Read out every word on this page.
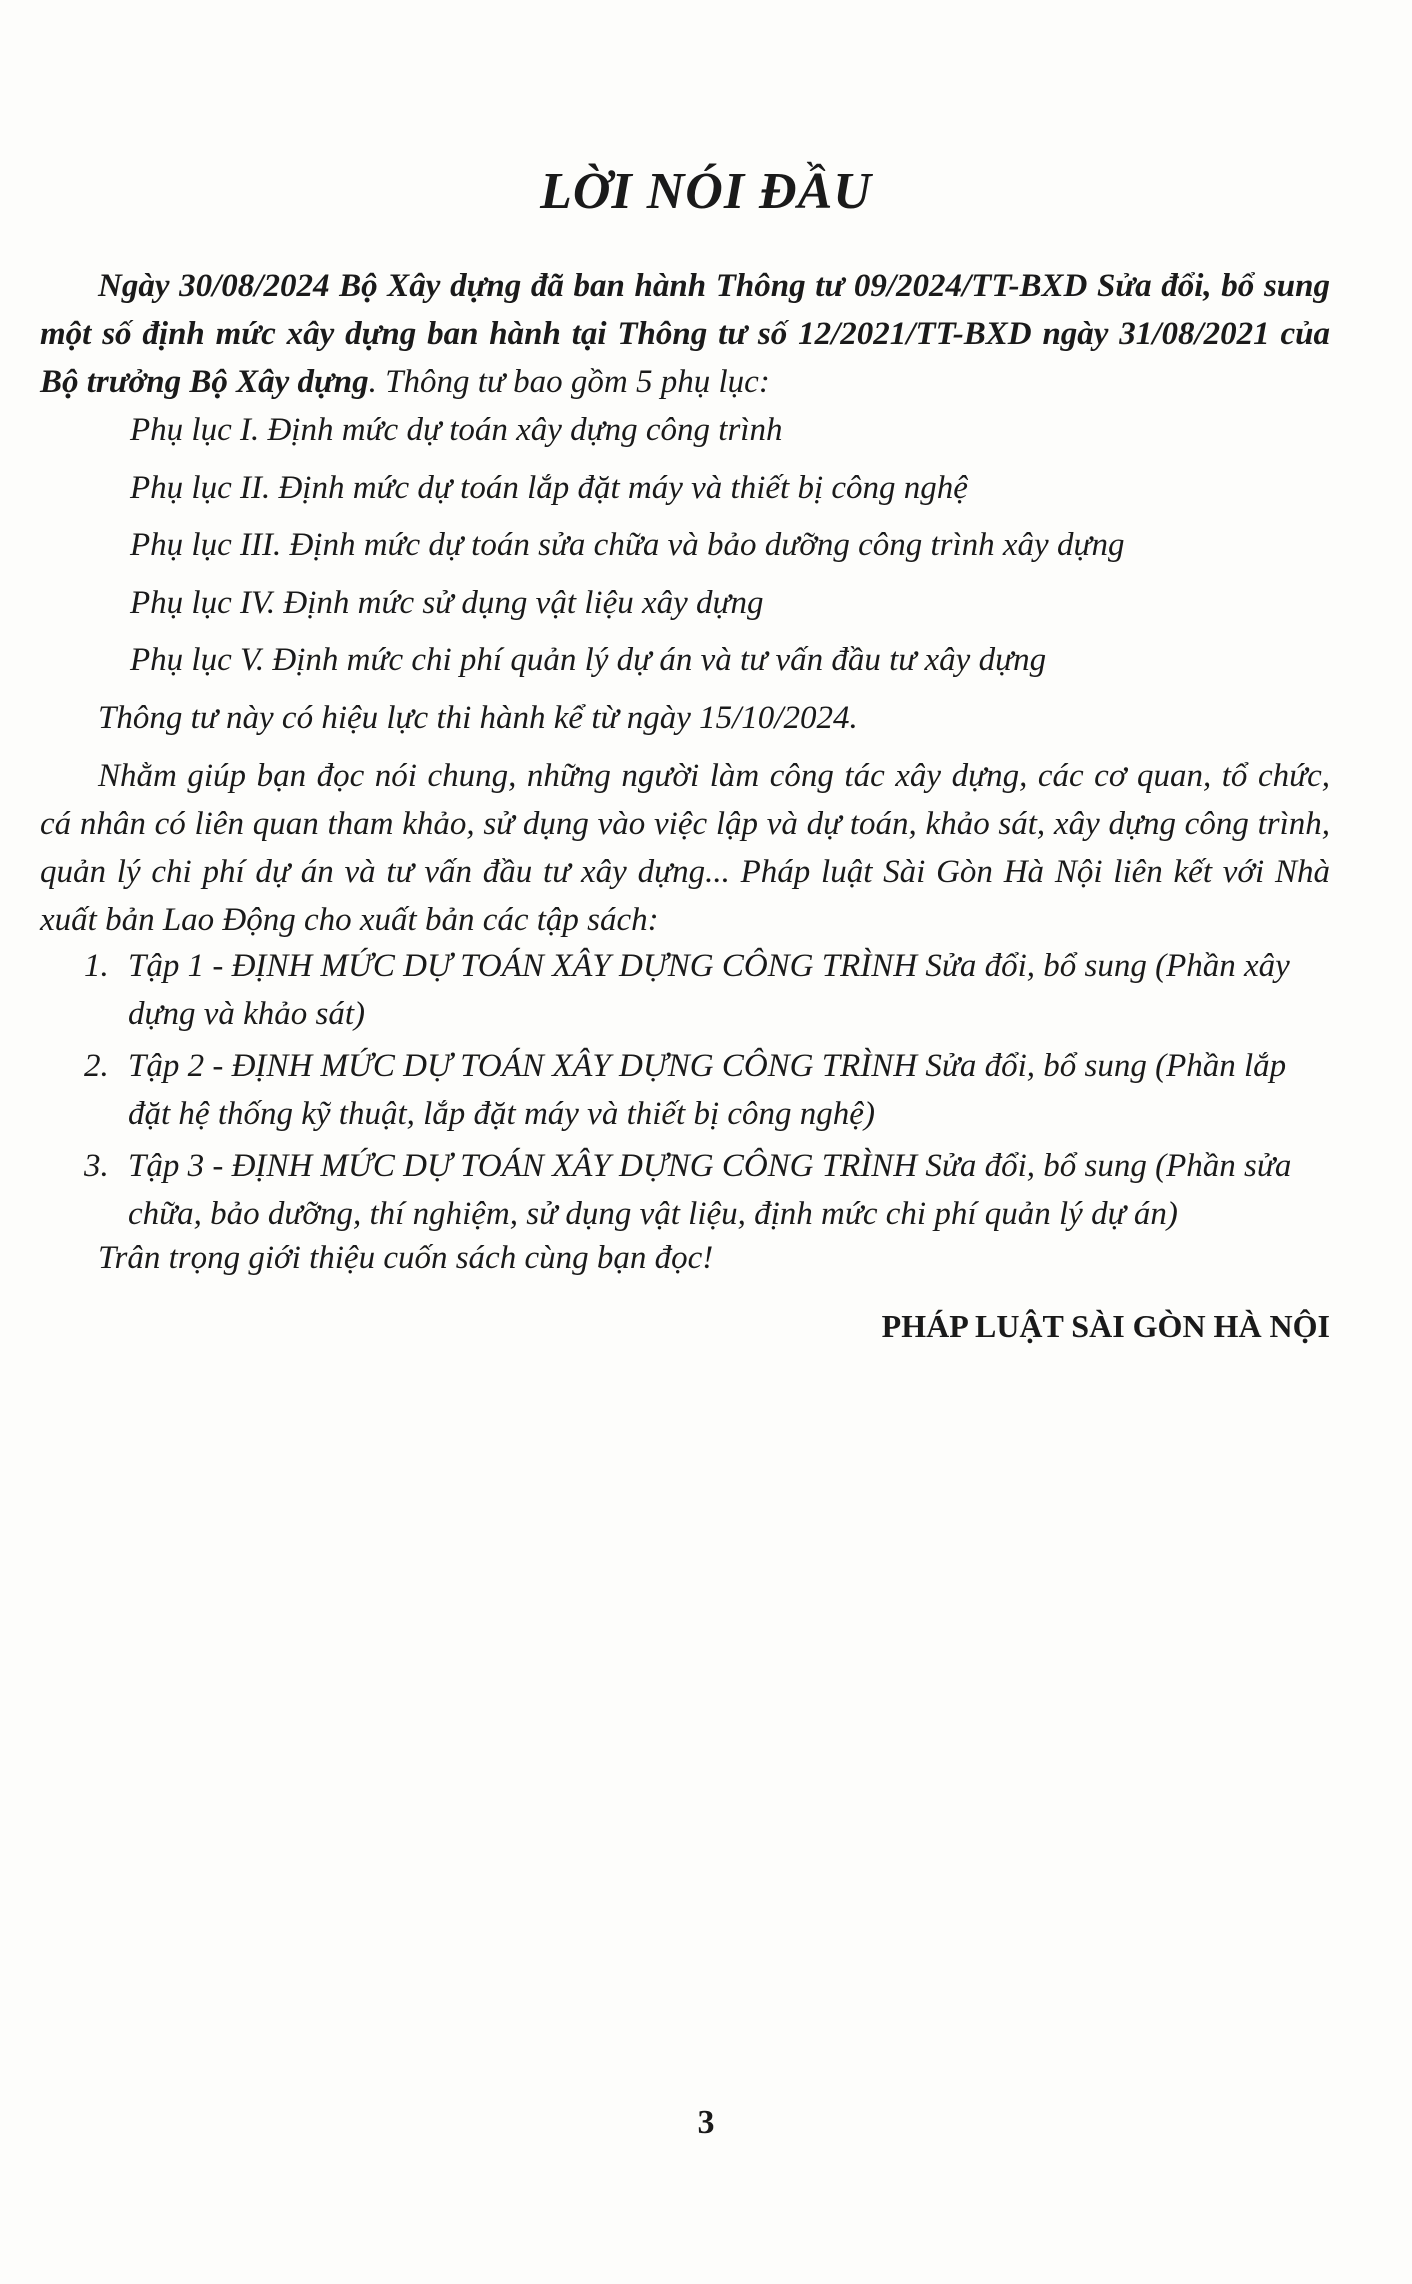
LỜI NÓI ĐẦU
Ngày 30/08/2024 Bộ Xây dựng đã ban hành Thông tư 09/2024/TT-BXD Sửa đổi, bổ sung một số định mức xây dựng ban hành tại Thông tư số 12/2021/TT-BXD ngày 31/08/2021 của Bộ trưởng Bộ Xây dựng. Thông tư bao gồm 5 phụ lục:
Phụ lục I. Định mức dự toán xây dựng công trình
Phụ lục II. Định mức dự toán lắp đặt máy và thiết bị công nghệ
Phụ lục III. Định mức dự toán sửa chữa và bảo dưỡng công trình xây dựng
Phụ lục IV. Định mức sử dụng vật liệu xây dựng
Phụ lục V. Định mức chi phí quản lý dự án và tư vấn đầu tư xây dựng
Thông tư này có hiệu lực thi hành kể từ ngày 15/10/2024.
Nhằm giúp bạn đọc nói chung, những người làm công tác xây dựng, các cơ quan, tổ chức, cá nhân có liên quan tham khảo, sử dụng vào việc lập và dự toán, khảo sát, xây dựng công trình, quản lý chi phí dự án và tư vấn đầu tư xây dựng... Pháp luật Sài Gòn Hà Nội liên kết với Nhà xuất bản Lao Động cho xuất bản các tập sách:
1. Tập 1 - ĐỊNH MỨC DỰ TOÁN XÂY DỰNG CÔNG TRÌNH Sửa đổi, bổ sung (Phần xây dựng và khảo sát)
2. Tập 2 - ĐỊNH MỨC DỰ TOÁN XÂY DỰNG CÔNG TRÌNH Sửa đổi, bổ sung (Phần lắp đặt hệ thống kỹ thuật, lắp đặt máy và thiết bị công nghệ)
3. Tập 3 - ĐỊNH MỨC DỰ TOÁN XÂY DỰNG CÔNG TRÌNH Sửa đổi, bổ sung (Phần sửa chữa, bảo dưỡng, thí nghiệm, sử dụng vật liệu, định mức chi phí quản lý dự án)
Trân trọng giới thiệu cuốn sách cùng bạn đọc!
PHÁP LUẬT SÀI GÒN HÀ NỘI
3
